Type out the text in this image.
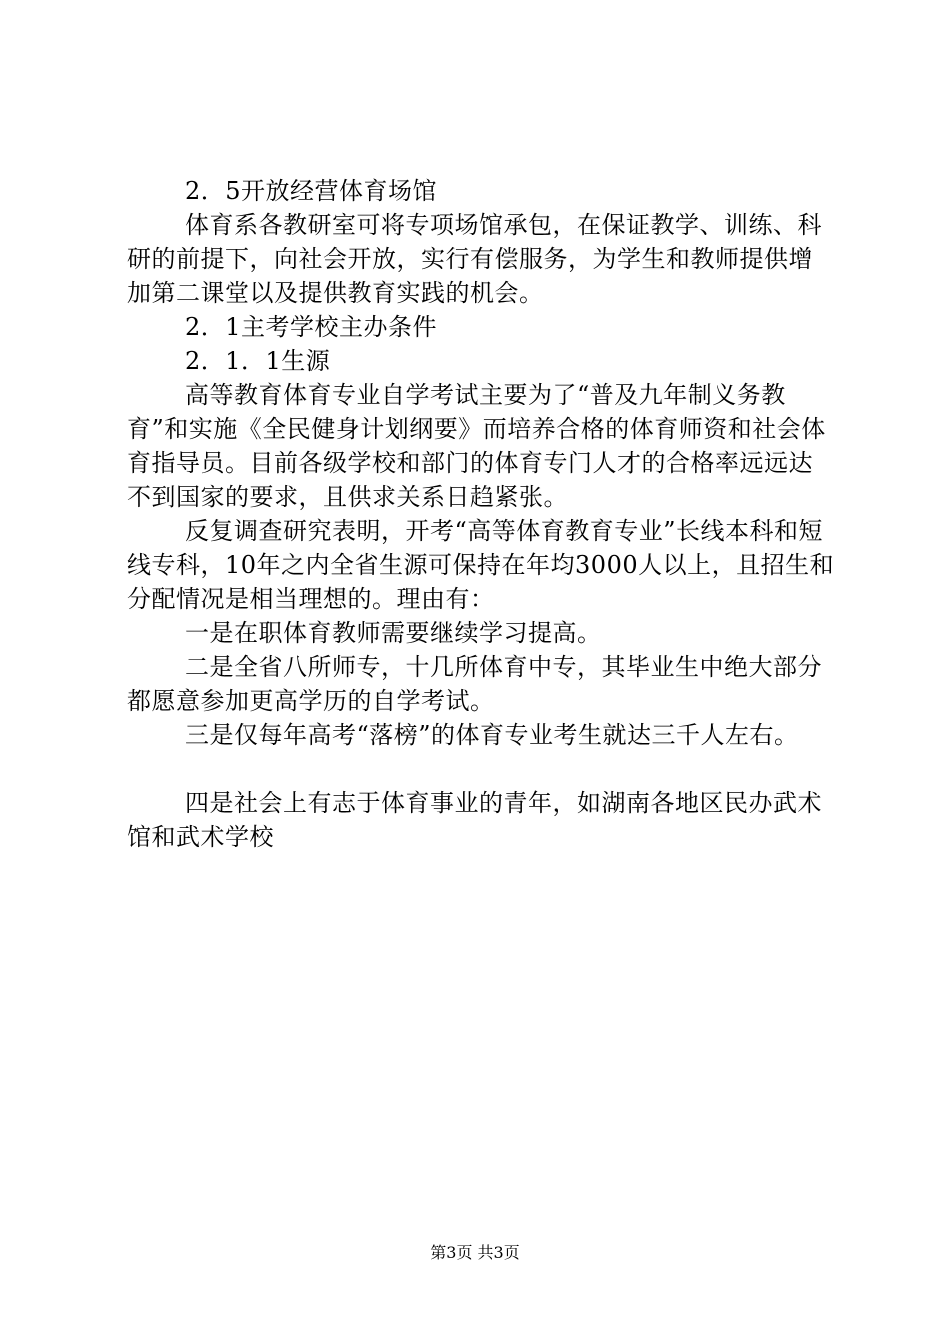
2．5开放经营体育场馆

体育系各教研室可将专项场馆承包，在保证教学、训练、科研的前提下，向社会开放，实行有偿服务，为学生和教师提供增加第二课堂以及提供教育实践的机会。

2．1主考学校主办条件

2．1．1生源

高等教育体育专业自学考试主要为了“普及九年制义务教育”和实施《全民健身计划纲要》而培养合格的体育师资和社会体育指导员。目前各级学校和部门的体育专门人才的合格率远远达不到国家的要求，且供求关系日趋紧张。

反复调查研究表明，开考“高等体育教育专业”长线本科和短线专科，10年之内全省生源可保持在年均3000人以上，且招生和分配情况是相当理想的。理由有：

一是在职体育教师需要继续学习提高。

二是全省八所师专，十几所体育中专，其毕业生中绝大部分都愿意参加更高学历的自学考试。

三是仅每年高考“落榜”的体育专业考生就达三千人左右。

四是社会上有志于体育事业的青年，如湖南各地区民办武术馆和武术学校

第3页 共3页
